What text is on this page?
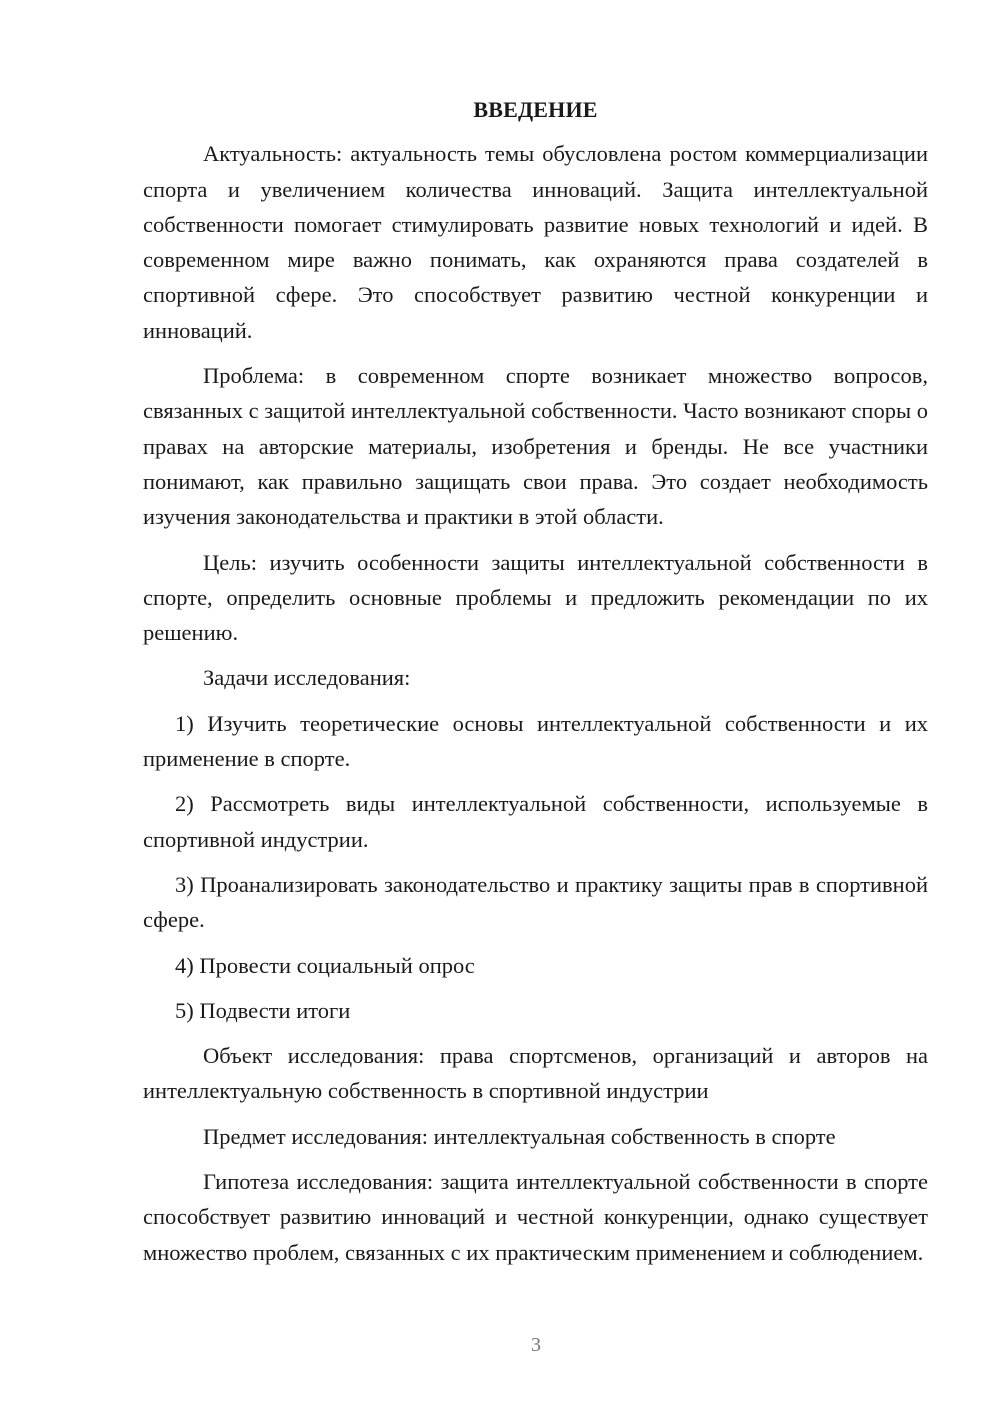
ВВЕДЕНИЕ

Актуальность: актуальность темы обусловлена ростом коммерциализации спорта и увеличением количества инноваций. Защита интеллектуальной собственности помогает стимулировать развитие новых технологий и идей. В современном мире важно понимать, как охраняются права создателей в спортивной сфере. Это способствует развитию честной конкуренции и инноваций.

Проблема: в современном спорте возникает множество вопросов, связанных с защитой интеллектуальной собственности. Часто возникают споры о правах на авторские материалы, изобретения и бренды. Не все участники понимают, как правильно защищать свои права. Это создает необходимость изучения законодательства и практики в этой области.

Цель: изучить особенности защиты интеллектуальной собственности в спорте, определить основные проблемы и предложить рекомендации по их решению.

Задачи исследования:

1) Изучить теоретические основы интеллектуальной собственности и их применение в спорте.

2) Рассмотреть виды интеллектуальной собственности, используемые в спортивной индустрии.

3) Проанализировать законодательство и практику защиты прав в спортивной сфере.

4) Провести социальный опрос

5) Подвести итоги

Объект исследования: права спортсменов, организаций и авторов на интеллектуальную собственность в спортивной индустрии

Предмет исследования: интеллектуальная собственность в спорте

Гипотеза исследования: защита интеллектуальной собственности в спорте способствует развитию инноваций и честной конкуренции, однако существует множество проблем, связанных с их практическим применением и соблюдением.

3
